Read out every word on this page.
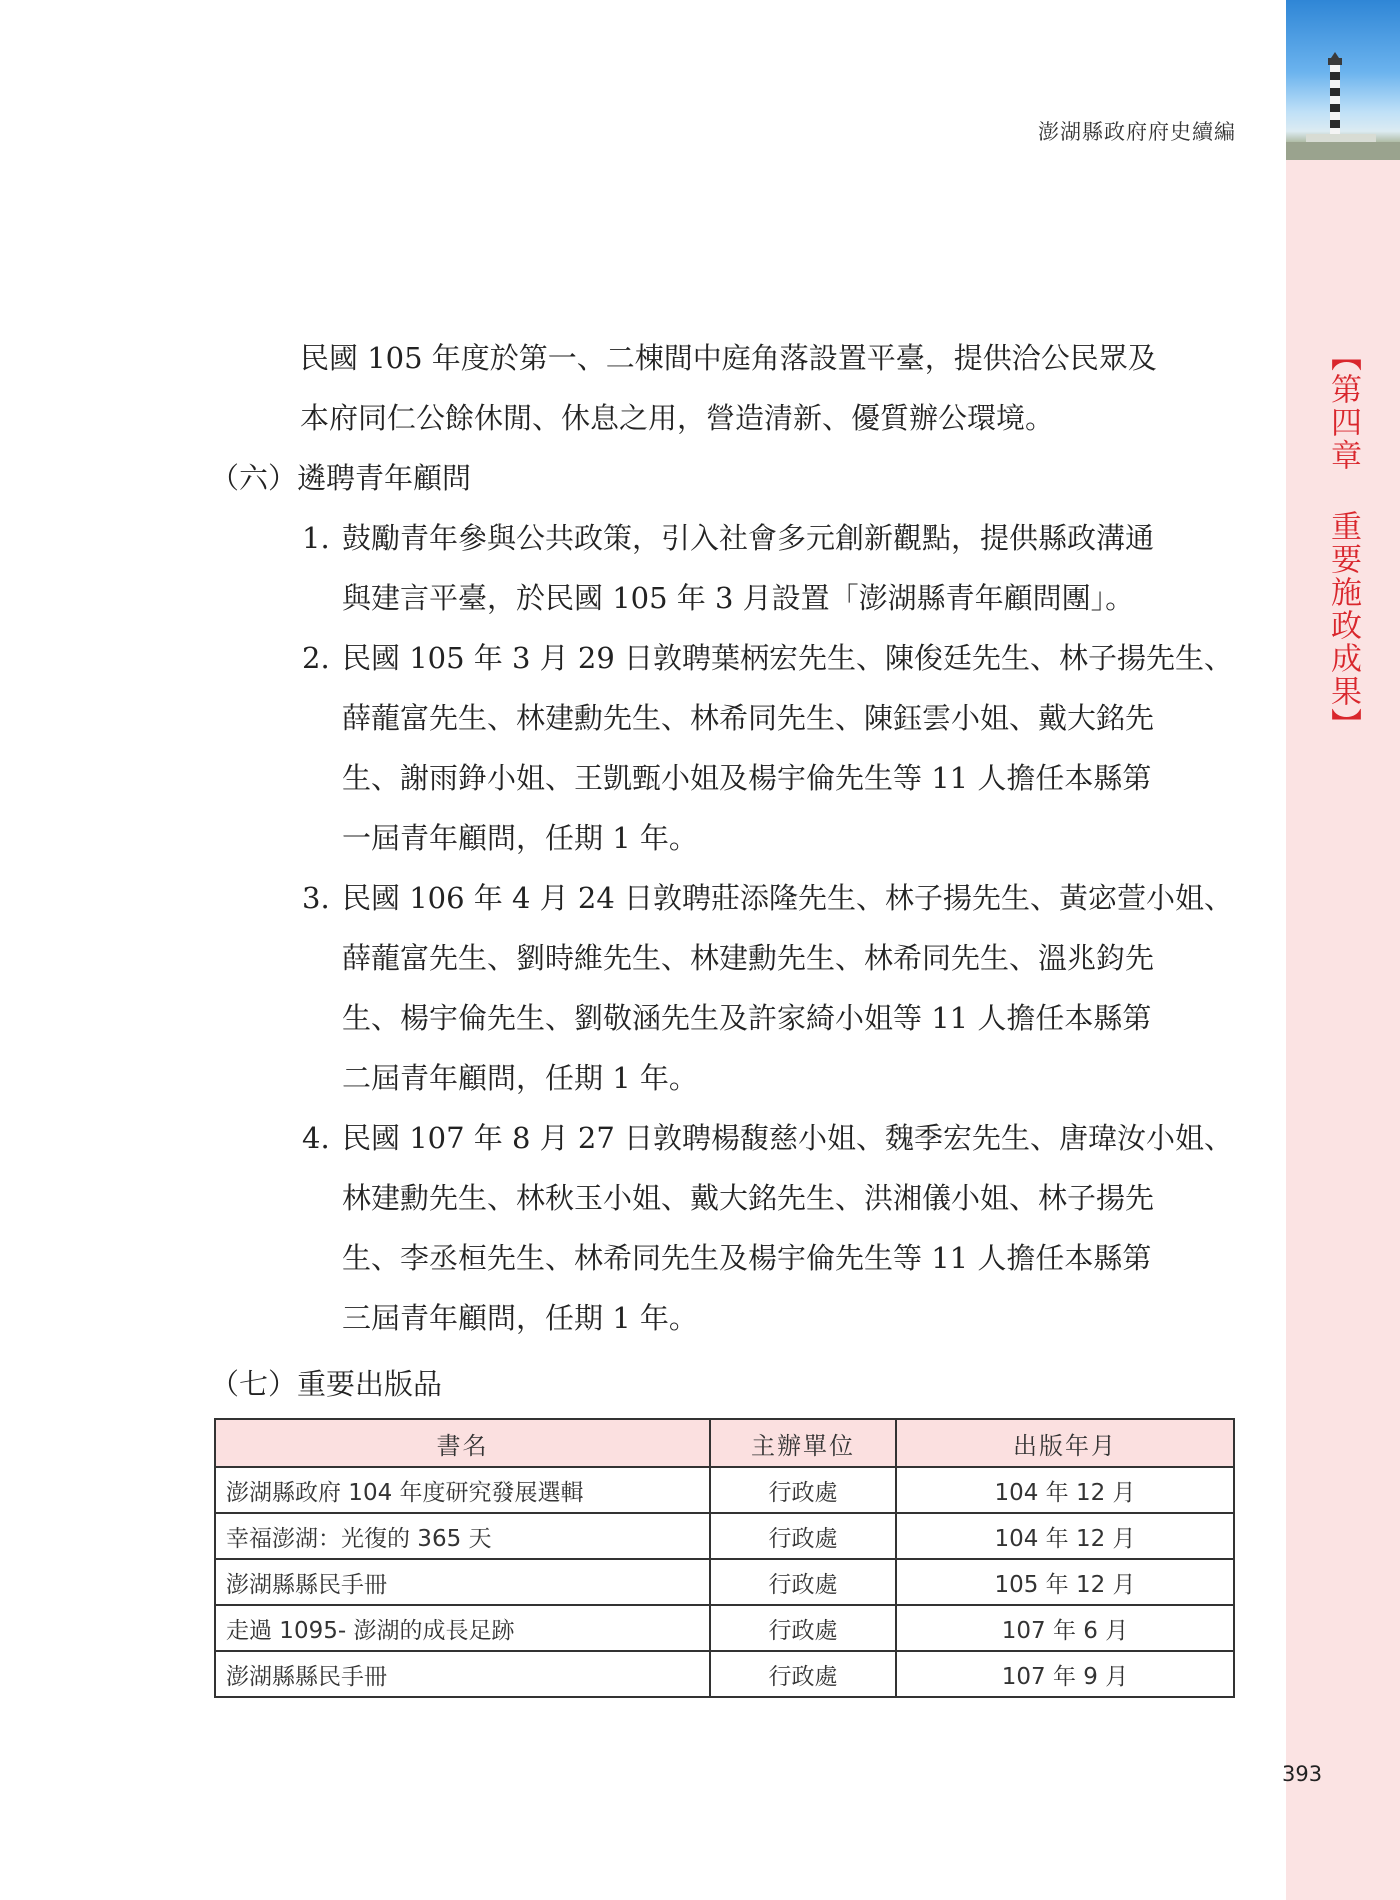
【第四章 重要施政成果】
澎湖縣政府府史續編
民國 105 年度於第一、二棟間中庭角落設置平臺，提供洽公民眾及
本府同仁公餘休閒、休息之用，營造清新、優質辦公環境。
（六）遴聘青年顧問
1. 鼓勵青年參與公共政策，引入社會多元創新觀點，提供縣政溝通
與建言平臺，於民國 105 年 3 月設置「澎湖縣青年顧問團」。
2. 民國 105 年 3 月 29 日敦聘葉柄宏先生、陳俊廷先生、林子揚先生、
薛蘢富先生、林建勳先生、林希同先生、陳鈺雲小姐、戴大銘先
生、謝雨錚小姐、王凱甄小姐及楊宇倫先生等 11 人擔任本縣第
一屆青年顧問，任期 1 年。
3. 民國 106 年 4 月 24 日敦聘莊添隆先生、林子揚先生、黃宓萱小姐、
薛蘢富先生、劉時維先生、林建勳先生、林希同先生、溫兆鈞先
生、楊宇倫先生、劉敬涵先生及許家綺小姐等 11 人擔任本縣第
二屆青年顧問，任期 1 年。
4. 民國 107 年 8 月 27 日敦聘楊馥慈小姐、魏季宏先生、唐瑋汝小姐、
林建勳先生、林秋玉小姐、戴大銘先生、洪湘儀小姐、林子揚先
生、李丞桓先生、林希同先生及楊宇倫先生等 11 人擔任本縣第
三屆青年顧問，任期 1 年。
（七）重要出版品
書名	主辦單位	出版年月
澎湖縣政府 104 年度研究發展選輯	行政處	104 年 12 月
幸福澎湖：光復的 365 天	行政處	104 年 12 月
澎湖縣縣民手冊	行政處	105 年 12 月
走過 1095- 澎湖的成長足跡	行政處	107 年 6 月
澎湖縣縣民手冊	行政處	107 年 9 月
393
